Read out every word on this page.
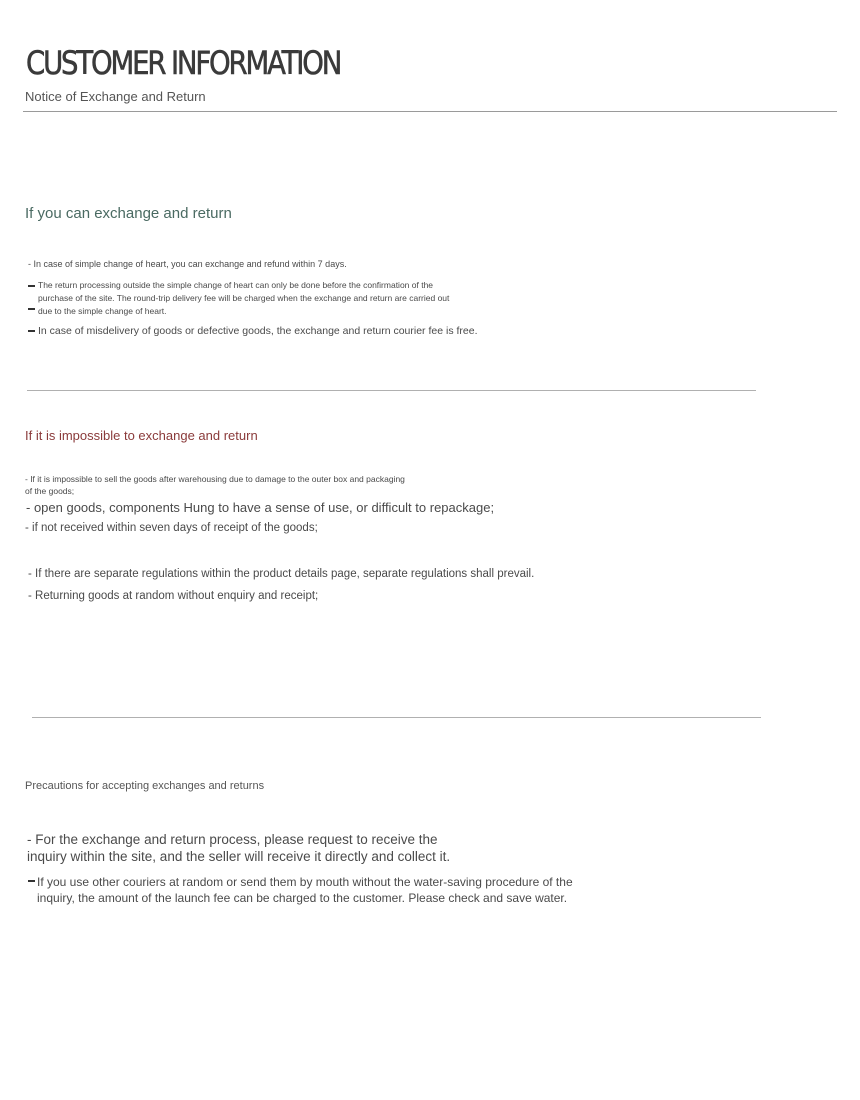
CUSTOMER INFORMATION
Notice of Exchange and Return
If you can exchange and return
- In case of simple change of heart, you can exchange and refund within 7 days.
The return processing outside the simple change of heart can only be done before the confirmation of the
purchase of the site. The round-trip delivery fee will be charged when the exchange and return are carried out
due to the simple change of heart.
In case of misdelivery of goods or defective goods, the exchange and return courier fee is free.
If it is impossible to exchange and return
- If it is impossible to sell the goods after warehousing due to damage to the outer box and packaging
of the goods;
- open goods, components Hung to have a sense of use, or difficult to repackage;
- if not received within seven days of receipt of the goods;
- If there are separate regulations within the product details page, separate regulations shall prevail.
- Returning goods at random without enquiry and receipt;
Precautions for accepting exchanges and returns
- For the exchange and return process, please request to receive the
inquiry within the site, and the seller will receive it directly and collect it.
If you use other couriers at random or send them by mouth without the water-saving procedure of the
inquiry, the amount of the launch fee can be charged to the customer. Please check and save water.
